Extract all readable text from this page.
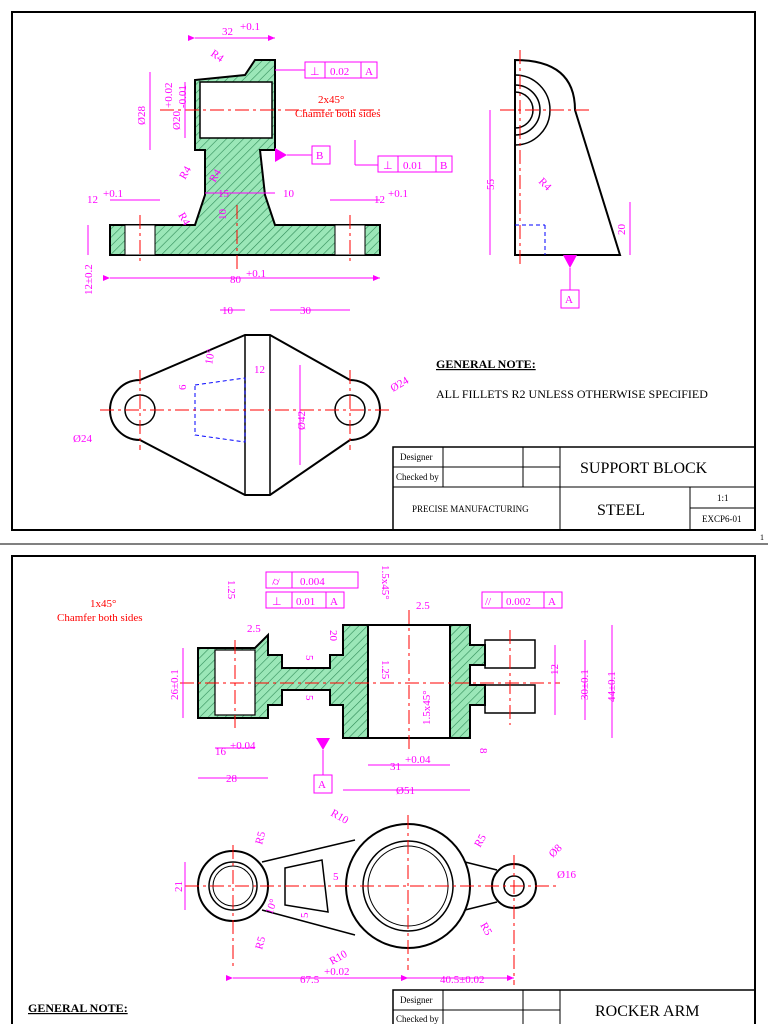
32 +0.1
R4
Ø28 Ø20
+0.02 -0.01	2x45°
Chamfer both sides
R4 R4
R4
15	10
10
12 +0.1	12 +0.1
12±0.2	80 +0.1
⊥ 0.02 A
B
⊥ 0.01 B
55	R4
20
A
10	30
10°
12
6
Ø42
Ø24
Ø24
GENERAL NOTE:
ALL FILLETS R2 UNLESS OTHERWISE SPECIFIED
Designer
Checked by
PRECISE MANUFACTURING
SUPPORT BLOCK
STEEL
1:1
EXCP6-01
1
1.25
1x45°
Chamfer both sides
2.5
2.5
20
5
5
1.25
1.5x45°
1.5x45°
26±0.1
16 +0.04
28
31
+0.04
Ø51
8
12 30±0.1 44±0.1
⌭ 0.004
⊥ 0.01 A	// 0.002 A
A
R10
R10
R5
R5
R5
R5
21
Ø8
Ø16
10°
5
5
67.5
+0.02
40.5±0.02
GENERAL NOTE:
Designer
Checked by	ROCKER ARM
